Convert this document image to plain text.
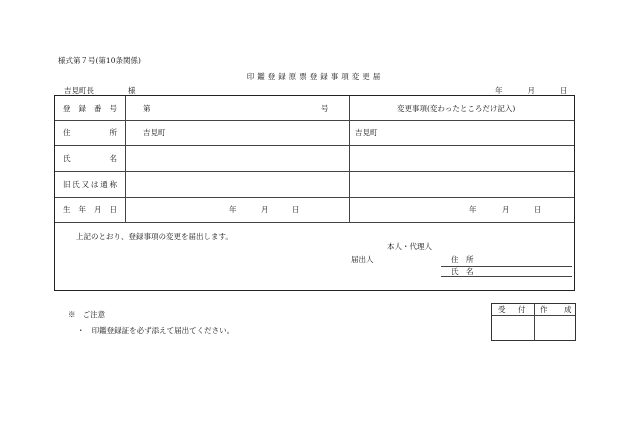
様式第７号(第10条関係)
印鑑登録原票登録事項変更届
吉見町長	様	年	月	日
登 録 番 号	第	号	変更事項(変わったところだけ記入)
住	所	吉見町	吉見町
氏	名
旧 氏 又 は 通 称
生 年 月 日	年	月	日	年	月	日
上記のとおり、登録事項の変更を届出します。
本人・代理人
届出人	住　所
氏　名
※ ご注意
・ 印鑑登録証を必ず添えて届出てください。
受 付 作 成
